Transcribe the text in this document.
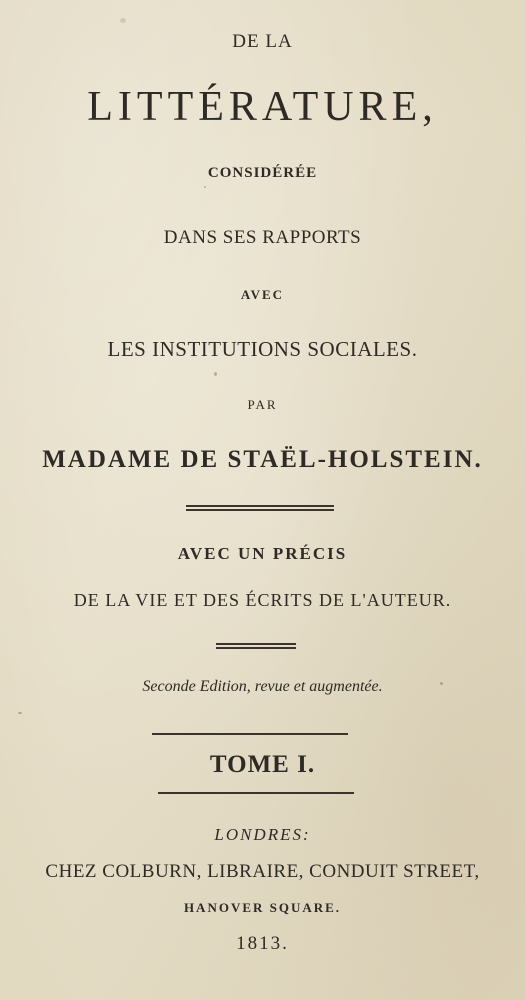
DE LA
LITTÉRATURE,
CONSIDÉRÉE
DANS SES RAPPORTS
AVEC
LES INSTITUTIONS SOCIALES.
PAR
MADAME DE STAËL-HOLSTEIN.
AVEC UN PRÉCIS
DE LA VIE ET DES ÉCRITS DE L'AUTEUR.
Seconde Edition, revue et augmentée.
TOME I.
LONDRES:
CHEZ COLBURN, LIBRAIRE, CONDUIT STREET,
HANOVER SQUARE.
1813.
